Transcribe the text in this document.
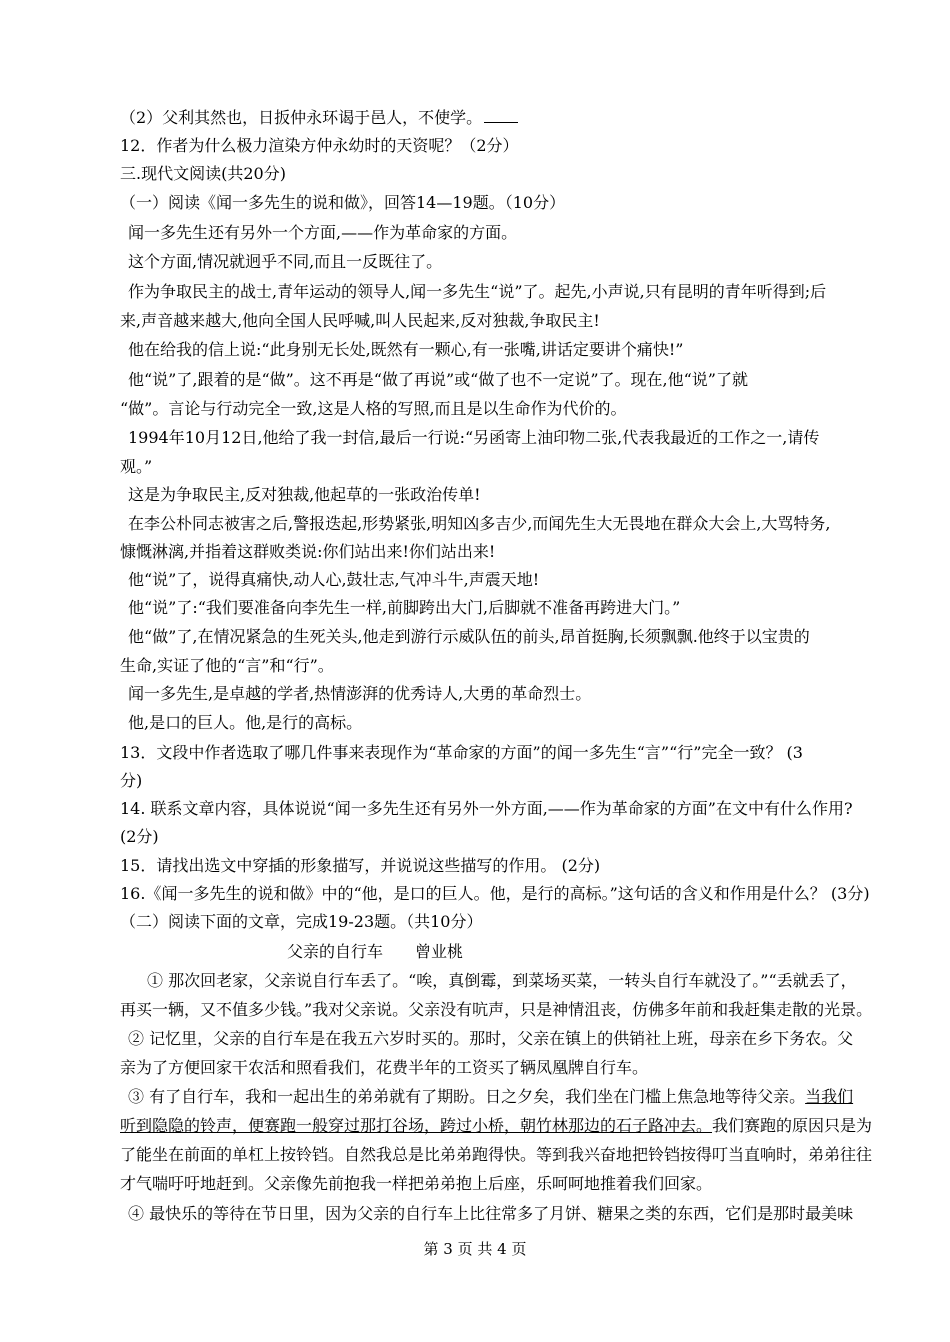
（2）父利其然也，日扳仲永环谒于邑人，不使学。
12．作者为什么极力渲染方仲永幼时的天资呢？（2分）
三.现代文阅读(共20分)
（一）阅读《闻一多先生的说和做》，回答14—19题。（10分）
闻一多先生还有另外一个方面,——作为革命家的方面。
这个方面,情况就迥乎不同,而且一反既往了。
作为争取民主的战士,青年运动的领导人,闻一多先生“说”了。起先,小声说,只有昆明的青年听得到;后
来,声音越来越大,他向全国人民呼喊,叫人民起来,反对独裁,争取民主!
他在给我的信上说:“此身别无长处,既然有一颗心,有一张嘴,讲话定要讲个痛快!”
他“说”了,跟着的是“做”。这不再是“做了再说”或“做了也不一定说”了。现在,他“说”了就
“做”。言论与行动完全一致,这是人格的写照,而且是以生命作为代价的。
1994年10月12日,他给了我一封信,最后一行说:“另函寄上油印物二张,代表我最近的工作之一,请传
观。”
这是为争取民主,反对独裁,他起草的一张政治传单!
在李公朴同志被害之后,警报迭起,形势紧张,明知凶多吉少,而闻先生大无畏地在群众大会上,大骂特务,
慷慨淋漓,并指着这群败类说:你们站出来!你们站出来!
他“说”了，说得真痛快,动人心,鼓壮志,气冲斗牛,声震天地!
他“说”了:“我们要准备向李先生一样,前脚跨出大门,后脚就不准备再跨进大门。”
他“做”了,在情况紧急的生死关头,他走到游行示威队伍的前头,昂首挺胸,长须飘飘.他终于以宝贵的
生命,实证了他的“言”和“行”。
闻一多先生,是卓越的学者,热情澎湃的优秀诗人,大勇的革命烈士。
他,是口的巨人。他,是行的高标。
13．文段中作者选取了哪几件事来表现作为“革命家的方面”的闻一多先生“言”“行”完全一致？ (3
分)
14. 联系文章内容，具体说说“闻一多先生还有另外一外方面,——作为革命家的方面”在文中有什么作用?
(2分)
15．请找出选文中穿插的形象描写，并说说这些描写的作用。 (2分)
16.《闻一多先生的说和做》中的“他，是口的巨人。他，是行的高标。”这句话的含义和作用是什么？ (3分)
（二）阅读下面的文章，完成19-23题。（共10分）
父亲的自行车　　曾业桃
① 那次回老家，父亲说自行车丢了。“唉，真倒霉，到菜场买菜，一转头自行车就没了。”“丢就丢了，
再买一辆，又不值多少钱。”我对父亲说。父亲没有吭声，只是神情沮丧，仿佛多年前和我赶集走散的光景。
② 记忆里，父亲的自行车是在我五六岁时买的。那时，父亲在镇上的供销社上班，母亲在乡下务农。父
亲为了方便回家干农活和照看我们，花费半年的工资买了辆凤凰牌自行车。
③ 有了自行车，我和一起出生的弟弟就有了期盼。日之夕矣，我们坐在门槛上焦急地等待父亲。当我们
听到隐隐的铃声，便赛跑一般穿过那打谷场，跨过小桥，朝竹林那边的石子路冲去。我们赛跑的原因只是为
了能坐在前面的单杠上按铃铛。自然我总是比弟弟跑得快。等到我兴奋地把铃铛按得叮当直响时，弟弟往往
才气喘吁吁地赶到。父亲像先前抱我一样把弟弟抱上后座，乐呵呵地推着我们回家。
④ 最快乐的等待在节日里，因为父亲的自行车上比往常多了月饼、糖果之类的东西，它们是那时最美味
第 3 页 共 4 页
